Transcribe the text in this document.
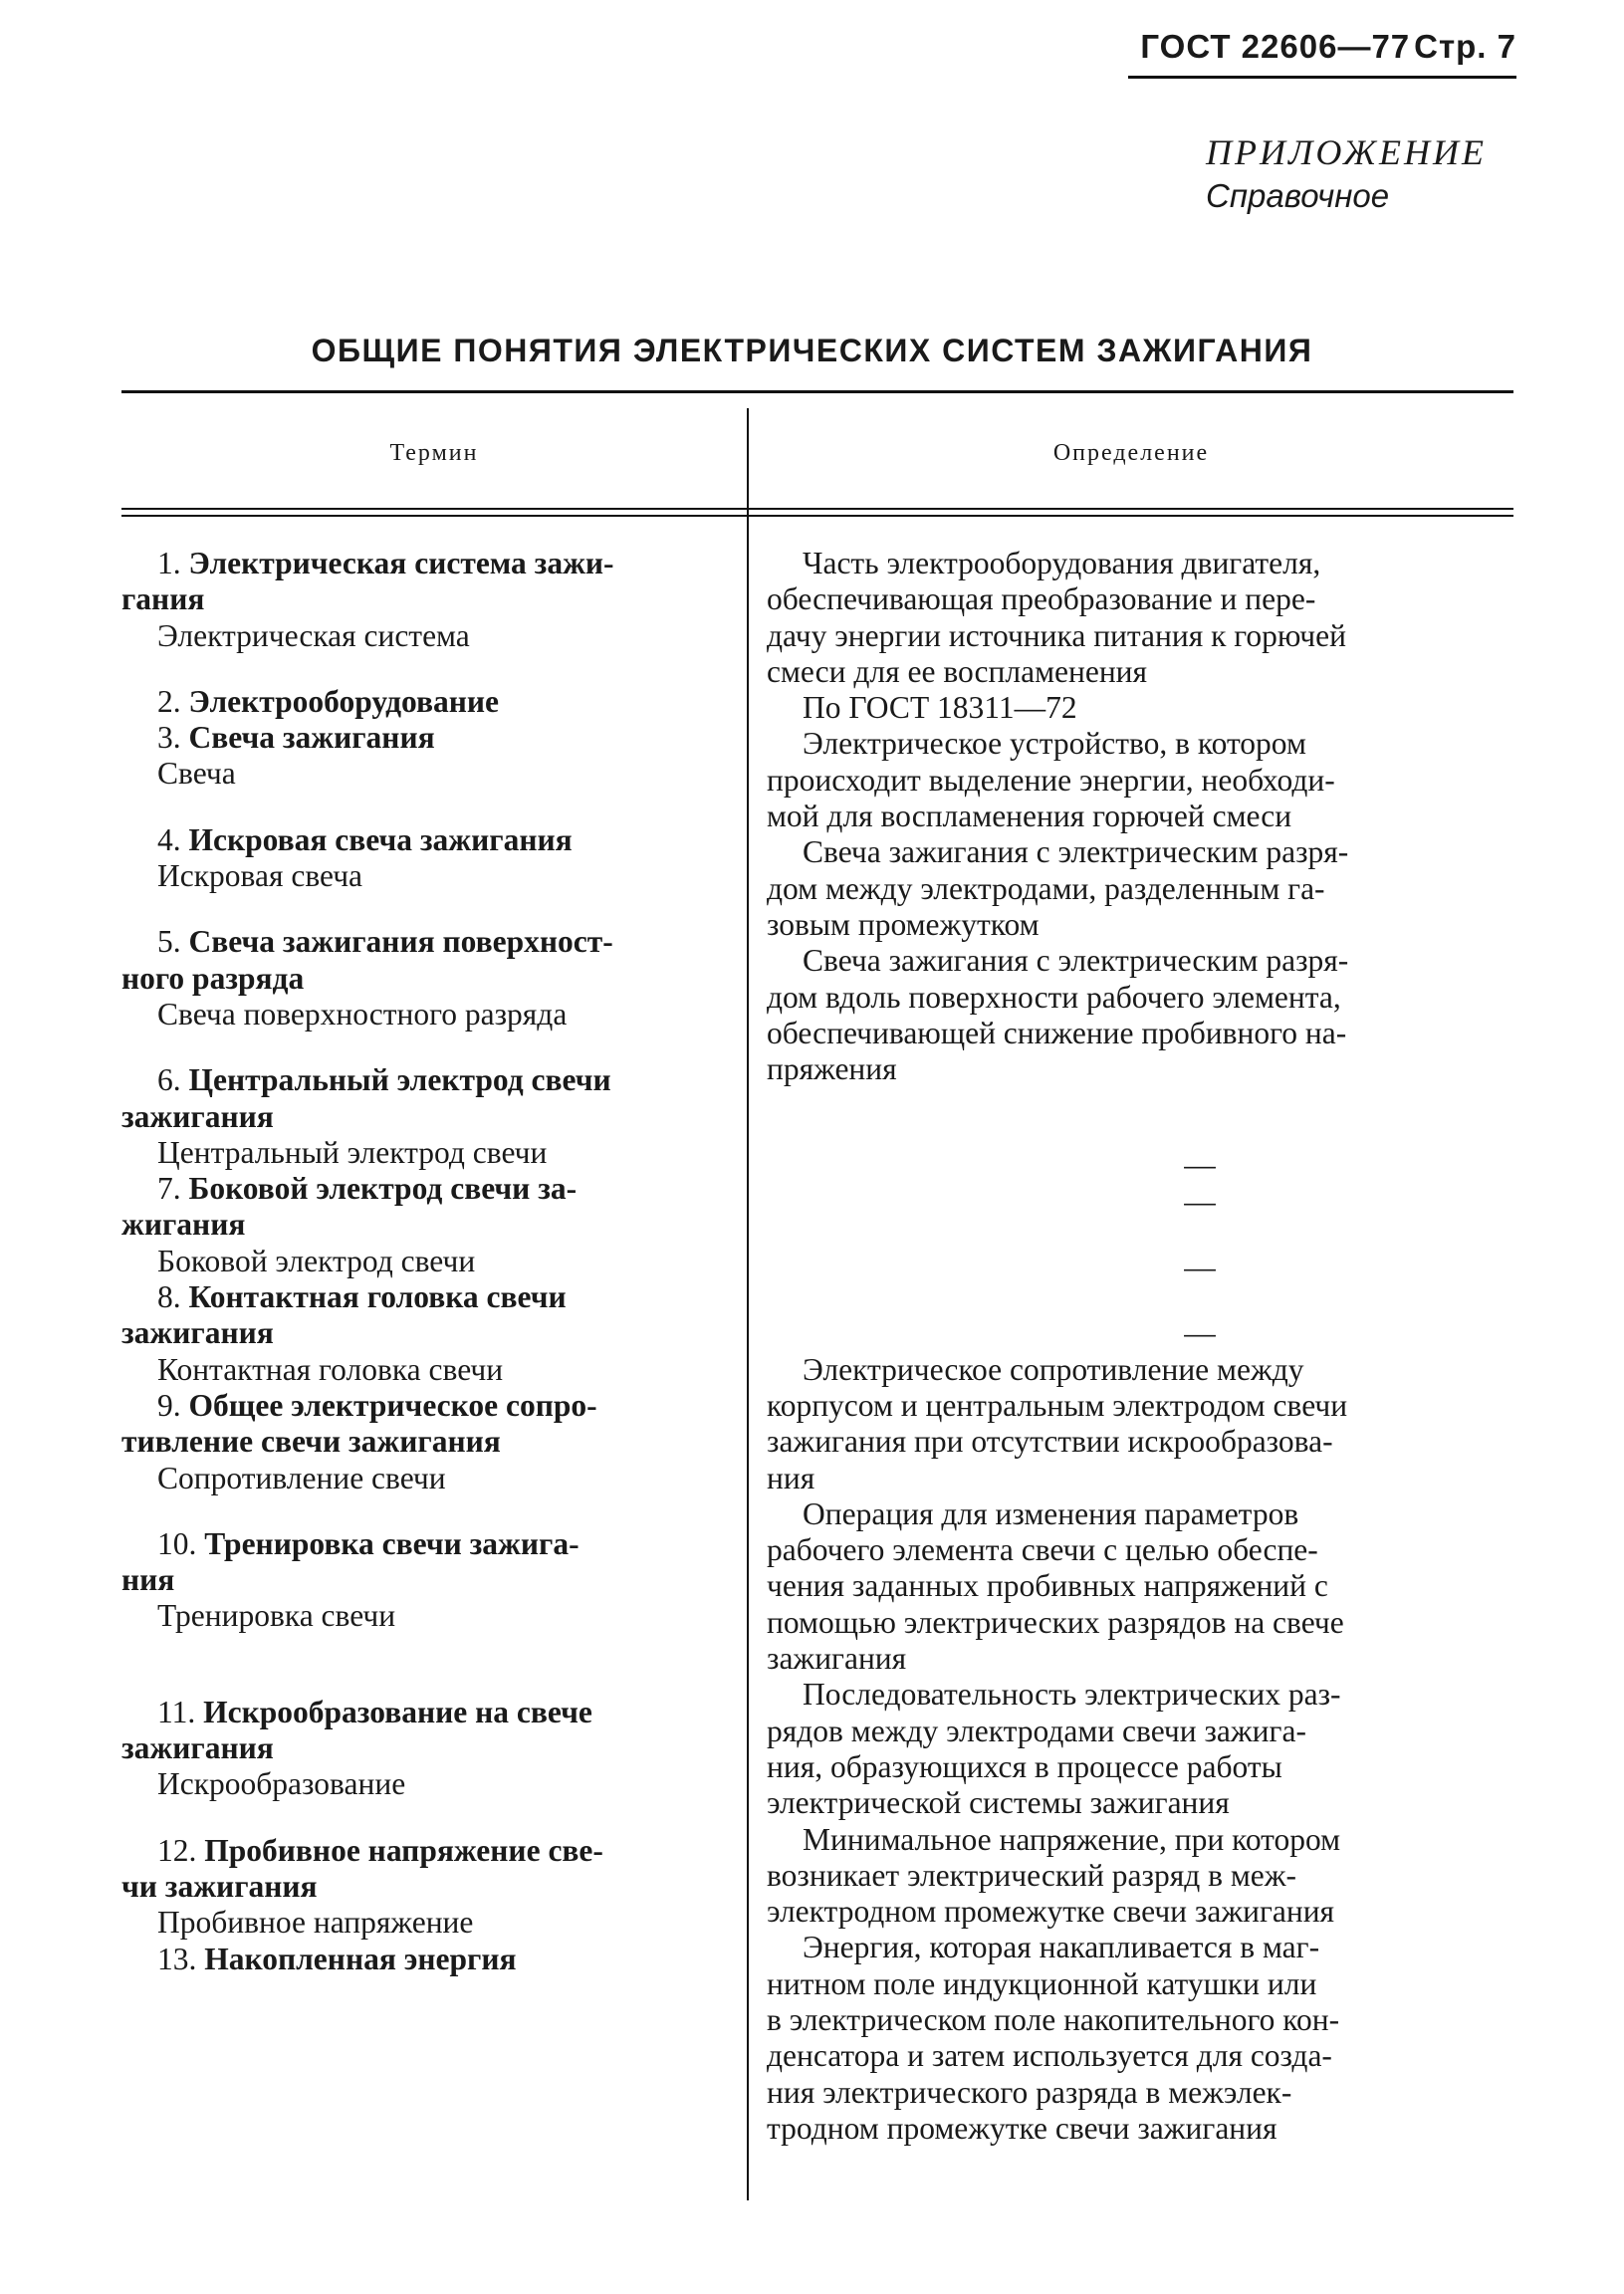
ГОСТ 22606—77 Стр. 7
ПРИЛОЖЕНИЕ
Справочное
ОБЩИЕ ПОНЯТИЯ ЭЛЕКТРИЧЕСКИХ СИСТЕМ ЗАЖИГАНИЯ
Термин	Определение
1. Электрическая система зажи-
гания
Электрическая система
2. Электрооборудование
3. Свеча зажигания
Свеча
4. Искровая свеча зажигания
Искровая свеча
5. Свеча зажигания поверхност-
ного разряда
Свеча поверхностного разряда
6. Центральный электрод свечи
зажигания
Центральный электрод свечи
7. Боковой электрод свечи за-
жигания
Боковой электрод свечи
8. Контактная головка свечи
зажигания
Контактная головка свечи
9. Общее электрическое сопро-
тивление свечи зажигания
Сопротивление свечи
10. Тренировка свечи зажига-
ния
Тренировка свечи
11. Искрообразование на свече
зажигания
Искрообразование
12. Пробивное напряжение све-
чи зажигания
Пробивное напряжение
13. Накопленная энергия
Часть электрооборудования двигателя,
обеспечивающая преобразование и пере-
дачу энергии источника питания к горючей
смеси для ее воспламенения
По ГОСТ 18311—72
Электрическое устройство, в котором
происходит выделение энергии, необходи-
мой для воспламенения горючей смеси
Свеча зажигания с электрическим разря-
дом между электродами, разделенным га-
зовым промежутком
Свеча зажигания с электрическим разря-
дом вдоль поверхности рабочего элемента,
обеспечивающей снижение пробивного на-
пряжения
—
—
—
—
Электрическое сопротивление между
корпусом и центральным электродом свечи
зажигания при отсутствии искрообразова-
ния
Операция для изменения параметров
рабочего элемента свечи с целью обеспе-
чения заданных пробивных напряжений с
помощью электрических разрядов на свече
зажигания
Последовательность электрических раз-
рядов между электродами свечи зажига-
ния, образующихся в процессе работы
электрической системы зажигания
Минимальное напряжение, при котором
возникает электрический разряд в меж-
электродном промежутке свечи зажигания
Энергия, которая накапливается в маг-
нитном поле индукционной катушки или
в электрическом поле накопительного кон-
денсатора и затем используется для созда-
ния электрического разряда в межэлек-
тродном промежутке свечи зажигания
